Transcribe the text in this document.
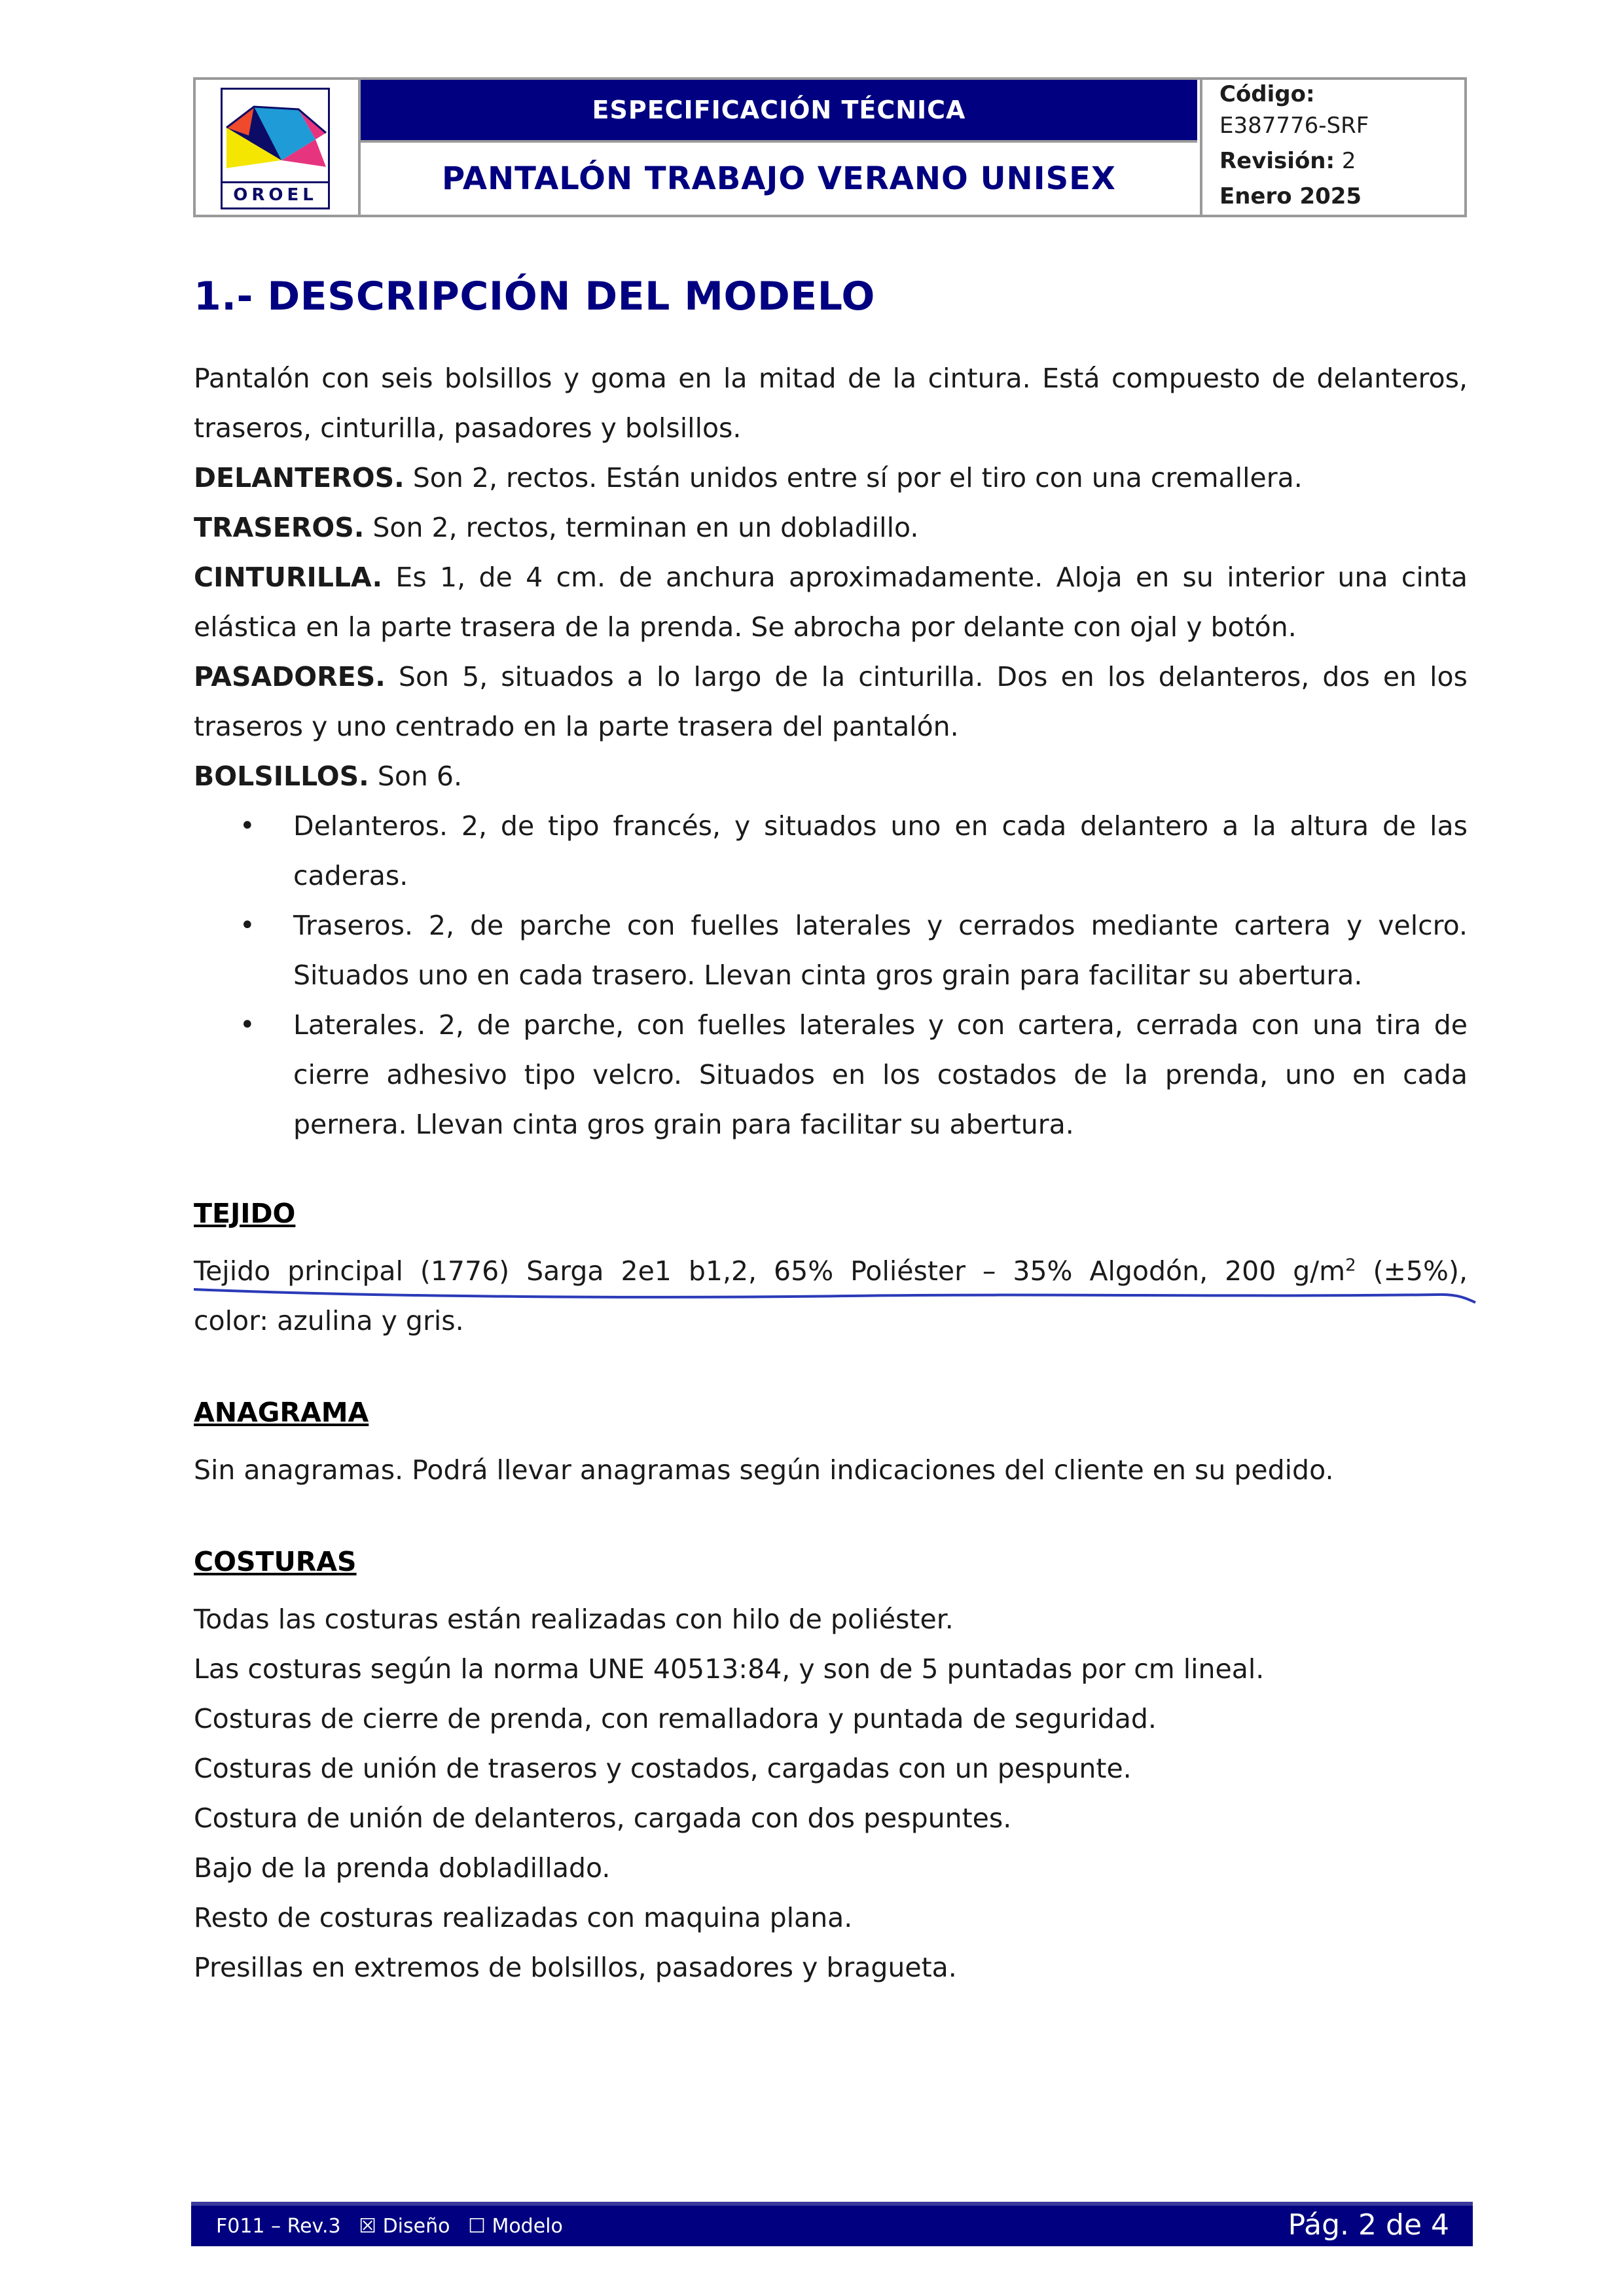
OROEL
ESPECIFICACIÓN TÉCNICA
PANTALÓN TRABAJO VERANO UNISEX
Código:
E387776-SRF
Revisión: 2
Enero 2025
1.- DESCRIPCIÓN DEL MODELO
Pantalón con seis bolsillos y goma en la mitad de la cintura. Está compuesto de delanteros,
traseros, cinturilla, pasadores y bolsillos.
DELANTEROS. Son 2, rectos. Están unidos entre sí por el tiro con una cremallera.
TRASEROS. Son 2, rectos, terminan en un dobladillo.
CINTURILLA. Es 1, de 4 cm. de anchura aproximadamente. Aloja en su interior una cinta
elástica en la parte trasera de la prenda. Se abrocha por delante con ojal y botón.
PASADORES. Son 5, situados a lo largo de la cinturilla. Dos en los delanteros, dos en los
traseros y uno centrado en la parte trasera del pantalón.
BOLSILLOS. Son 6.
• Delanteros. 2, de tipo francés, y situados uno en cada delantero a la altura de las
caderas.
• Traseros. 2, de parche con fuelles laterales y cerrados mediante cartera y velcro.
Situados uno en cada trasero. Llevan cinta gros grain para facilitar su abertura.
• Laterales. 2, de parche, con fuelles laterales y con cartera, cerrada con una tira de
cierre adhesivo tipo velcro. Situados en los costados de la prenda, uno en cada
pernera. Llevan cinta gros grain para facilitar su abertura.
TEJIDO
Tejido principal (1776) Sarga 2e1 b1,2, 65% Poliéster – 35% Algodón, 200 $g/m^2$ (±5%),
color: azulina y gris.
ANAGRAMA
Sin anagramas. Podrá llevar anagramas según indicaciones del cliente en su pedido.
COSTURAS
Todas las costuras están realizadas con hilo de poliéster.
Las costuras según la norma UNE 40513:84, y son de 5 puntadas por cm lineal.
Costuras de cierre de prenda, con remalladora y puntada de seguridad.
Costuras de unión de traseros y costados, cargadas con un pespunte.
Costura de unión de delanteros, cargada con dos pespuntes.
Bajo de la prenda dobladillado.
Resto de costuras realizadas con maquina plana.
Presillas en extremos de bolsillos, pasadores y bragueta.
F011 – Rev.3 ☒ Diseño ☐ Modelo	Pág. 2 de 4
